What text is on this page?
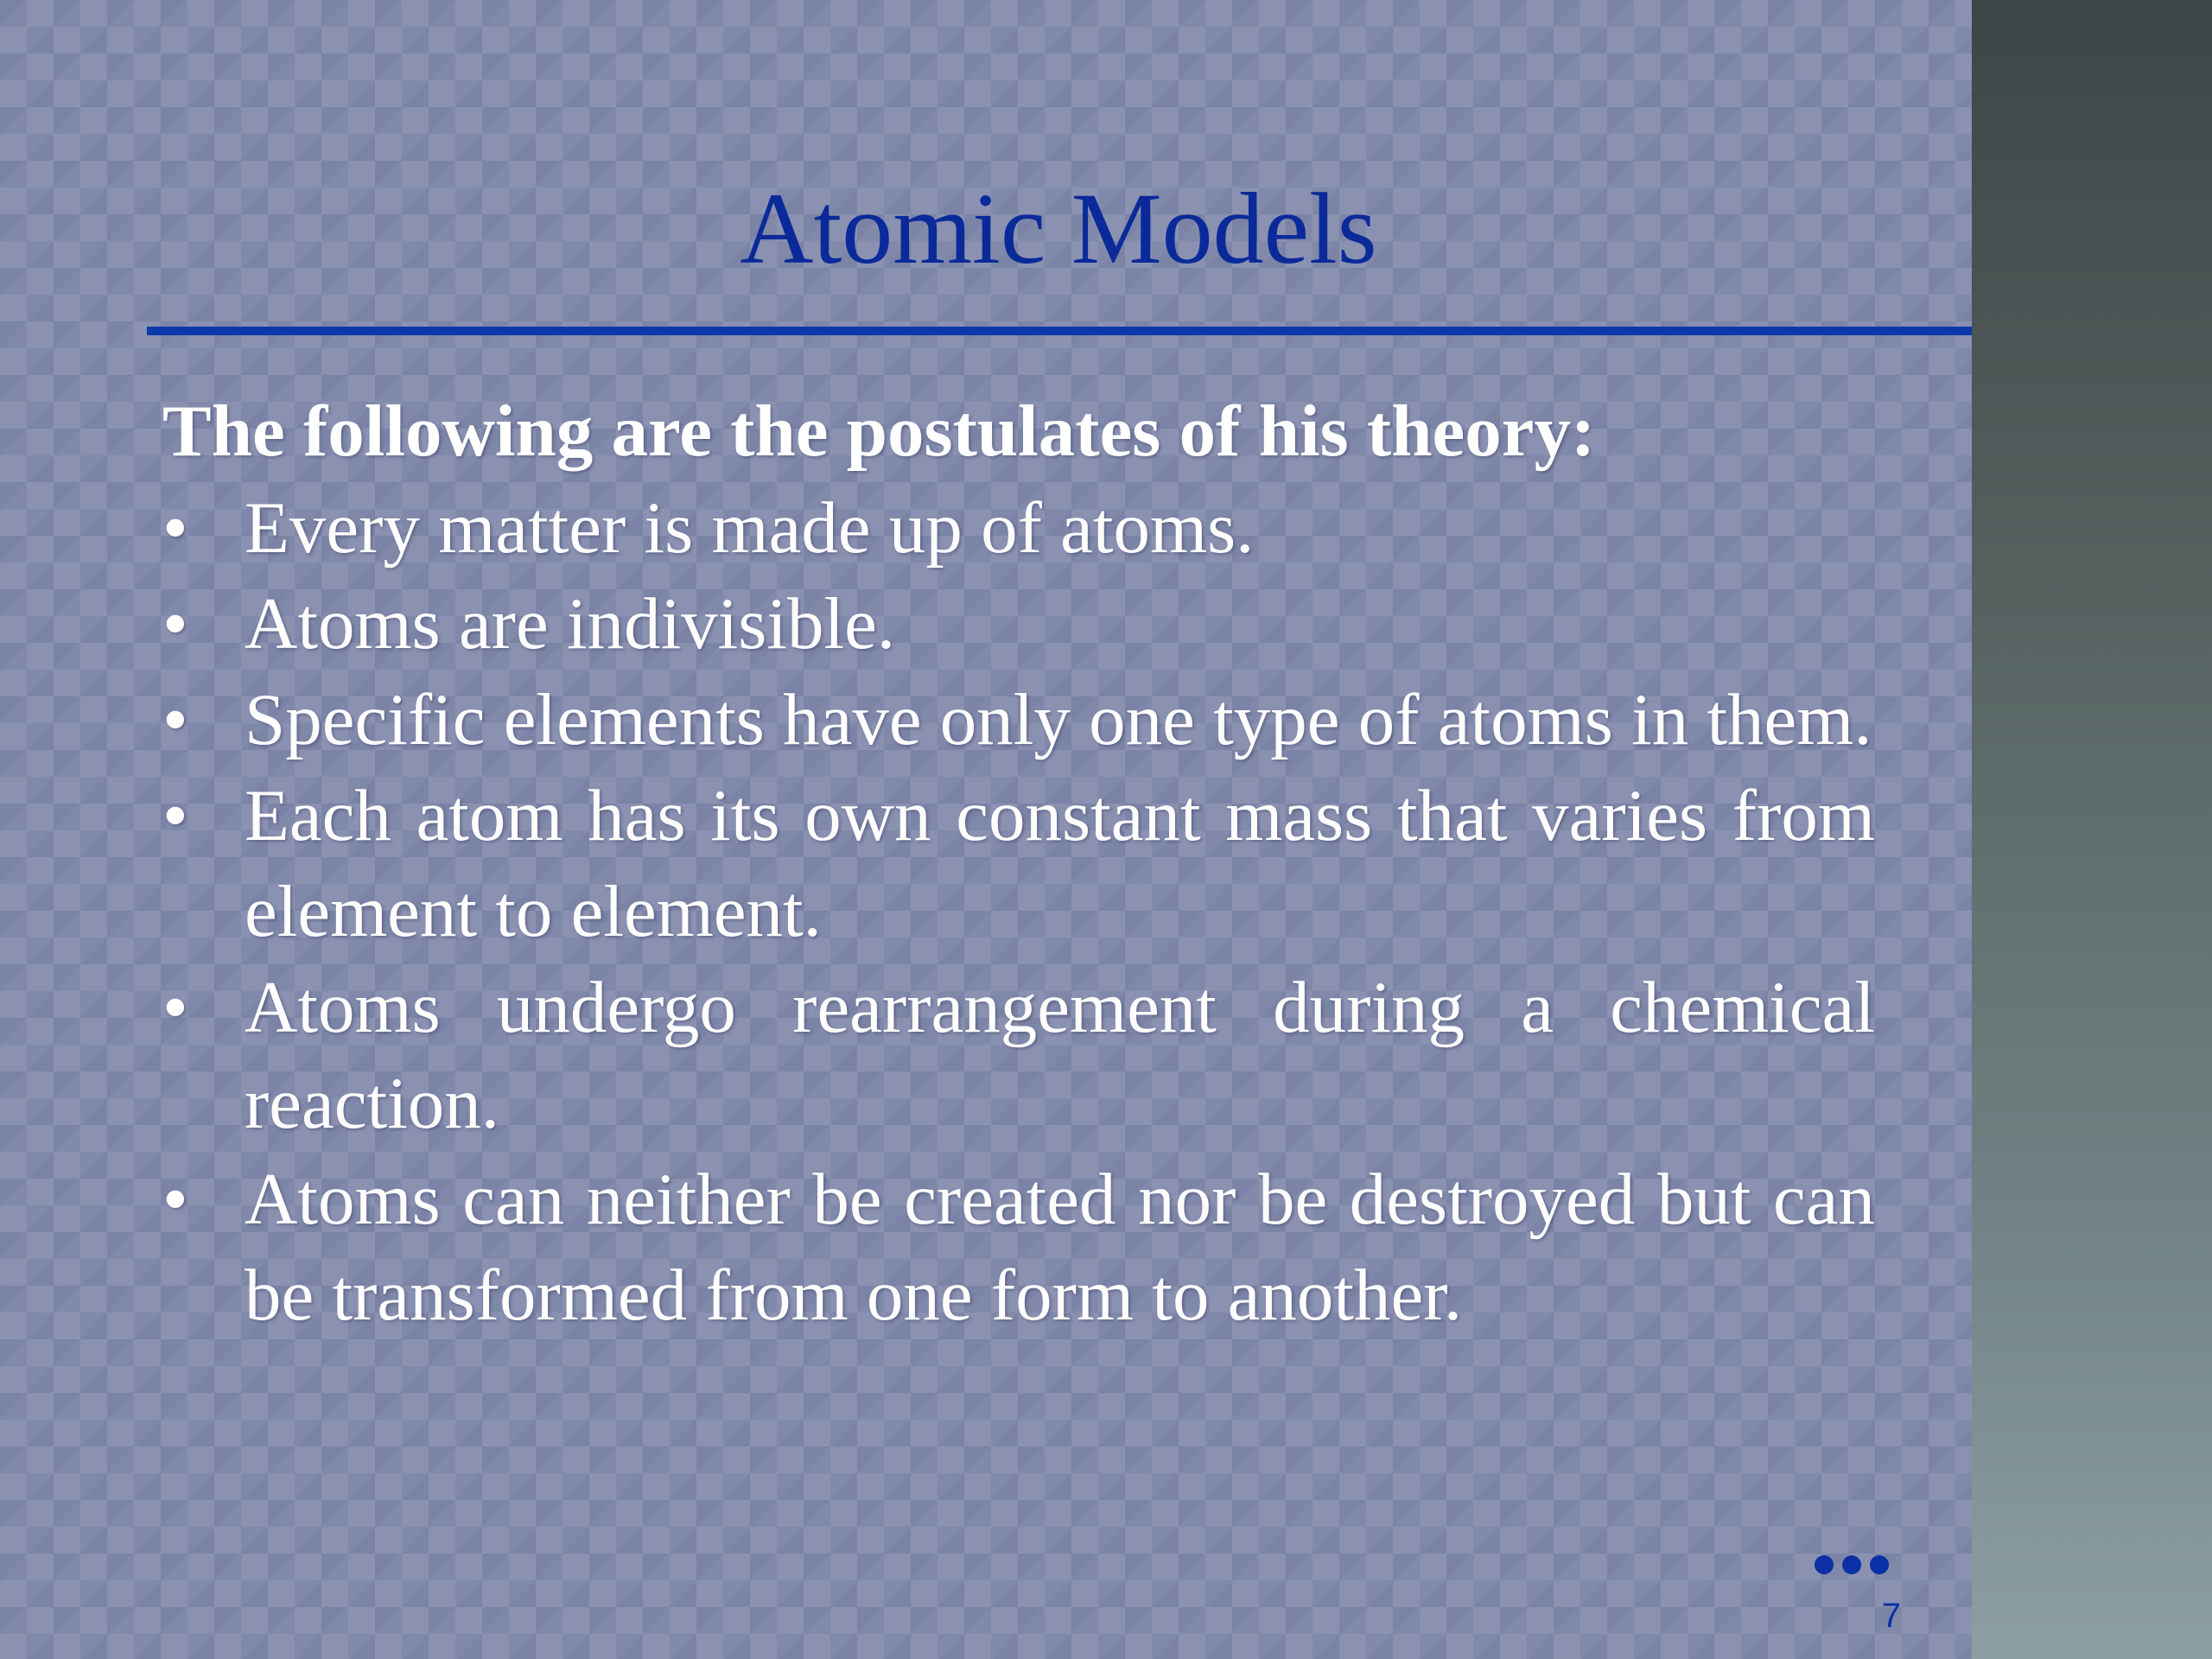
Atomic Models
The following are the postulates of his theory:
• Every matter is made up of atoms.
• Atoms are indivisible.
• Specific elements have only one type of atoms in them.
• Each atom has its own constant mass that varies from element to element.
• Atoms undergo rearrangement during a chemical reaction.
• Atoms can neither be created nor be destroyed but can be transformed from one form to another.
7
